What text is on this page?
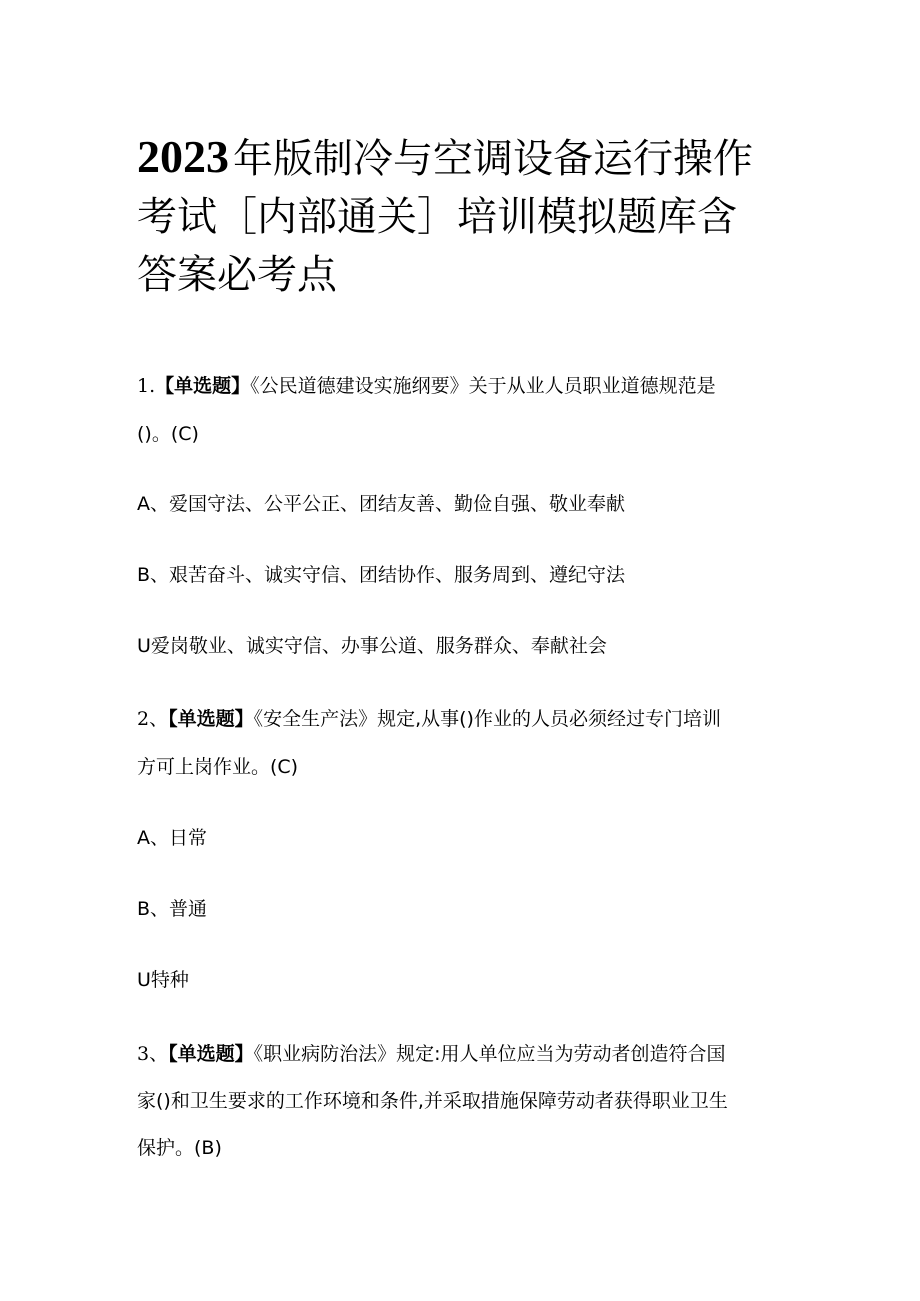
2023 年版制冷与空调设备运行操作
考试［内部通关］培训模拟题库含
答案必考点

1.【单选题】《公民道德建设实施纲要》关于从业人员职业道德规范是

()。(C)

A、爱国守法、公平公正、团结友善、勤俭自强、敬业奉献

B、艰苦奋斗、诚实守信、团结协作、服务周到、遵纪守法

U爱岗敬业、诚实守信、办事公道、服务群众、奉献社会

2、【单选题】《安全生产法》规定,从事()作业的人员必须经过专门培训

方可上岗作业。(C)

A、日常

B、普通

U特种

3、【单选题】《职业病防治法》规定:用人单位应当为劳动者创造符合国

家()和卫生要求的工作环境和条件,并采取措施保障劳动者获得职业卫生

保护。(B)
